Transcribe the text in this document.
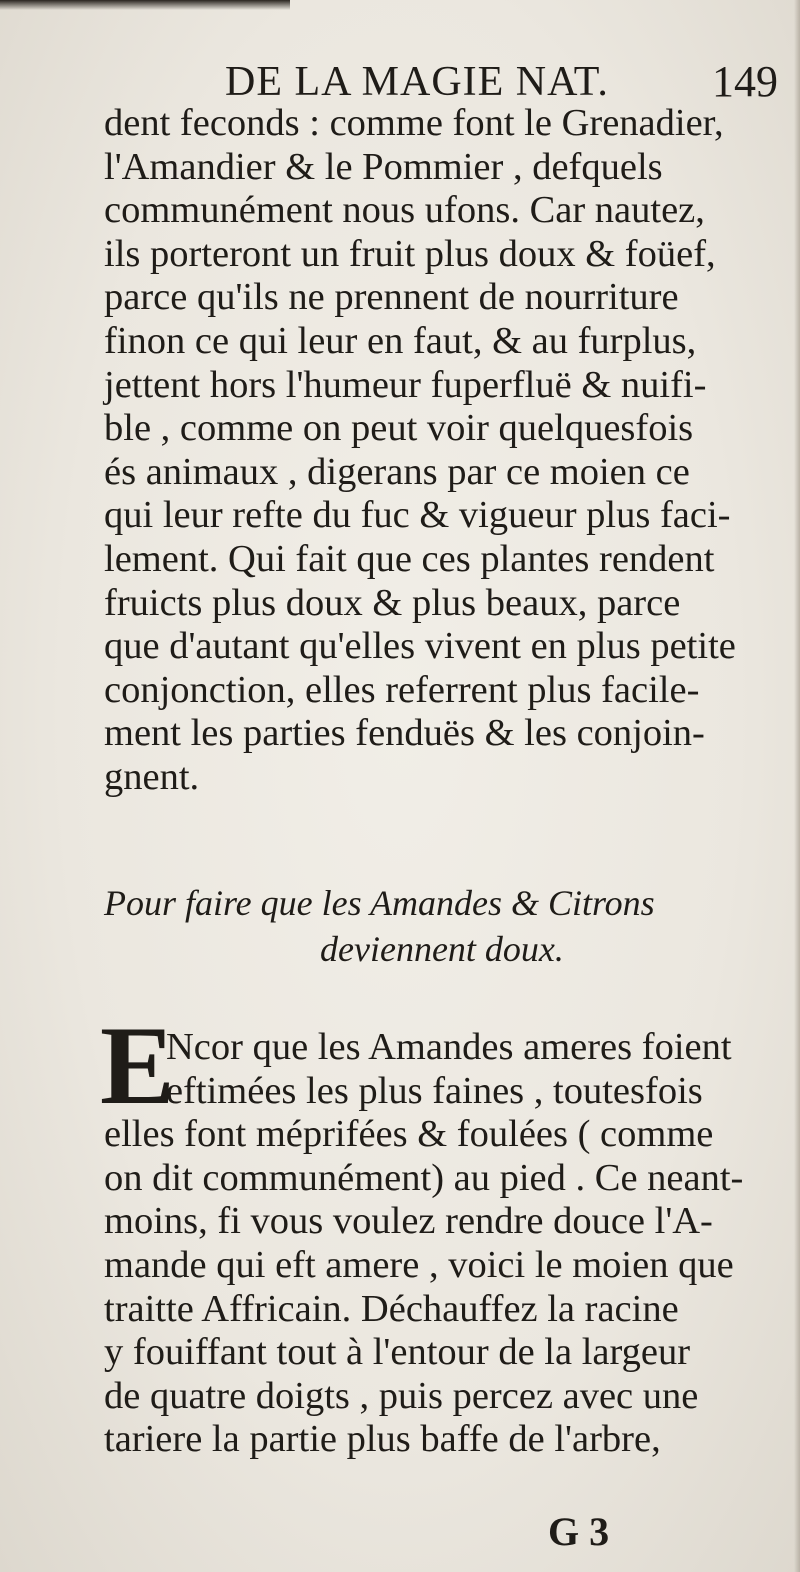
DE LA MAGIE NAT.	149
dent feconds : comme font le Grenadier,
l'Amandier & le Pommier , defquels
communément nous ufons. Car nautez,
ils porteront un fruit plus doux & foüef,
parce qu'ils ne prennent de nourriture
finon ce qui leur en faut, & au furplus,
jettent hors l'humeur fuperfluë & nuifi-
ble , comme on peut voir quelquesfois
és animaux , digerans par ce moien ce
qui leur refte du fuc & vigueur plus faci-
lement. Qui fait que ces plantes rendent
fruicts plus doux & plus beaux, parce
que d'autant qu'elles vivent en plus petite
conjonction, elles referrent plus facile-
ment les parties fenduës & les conjoin-
gnent.
Pour faire que les Amandes & Citrons
deviennent doux.
E
Ncor que les Amandes ameres foient
eftimées les plus faines , toutesfois
elles font méprifées & foulées ( comme
on dit communément) au pied . Ce neant-
moins, fi vous voulez rendre douce l'A-
mande qui eft amere , voici le moien que
traitte Affricain. Déchauffez la racine
y fouiffant tout à l'entour de la largeur
de quatre doigts , puis percez avec une
tariere la partie plus baffe de l'arbre,
G 3
